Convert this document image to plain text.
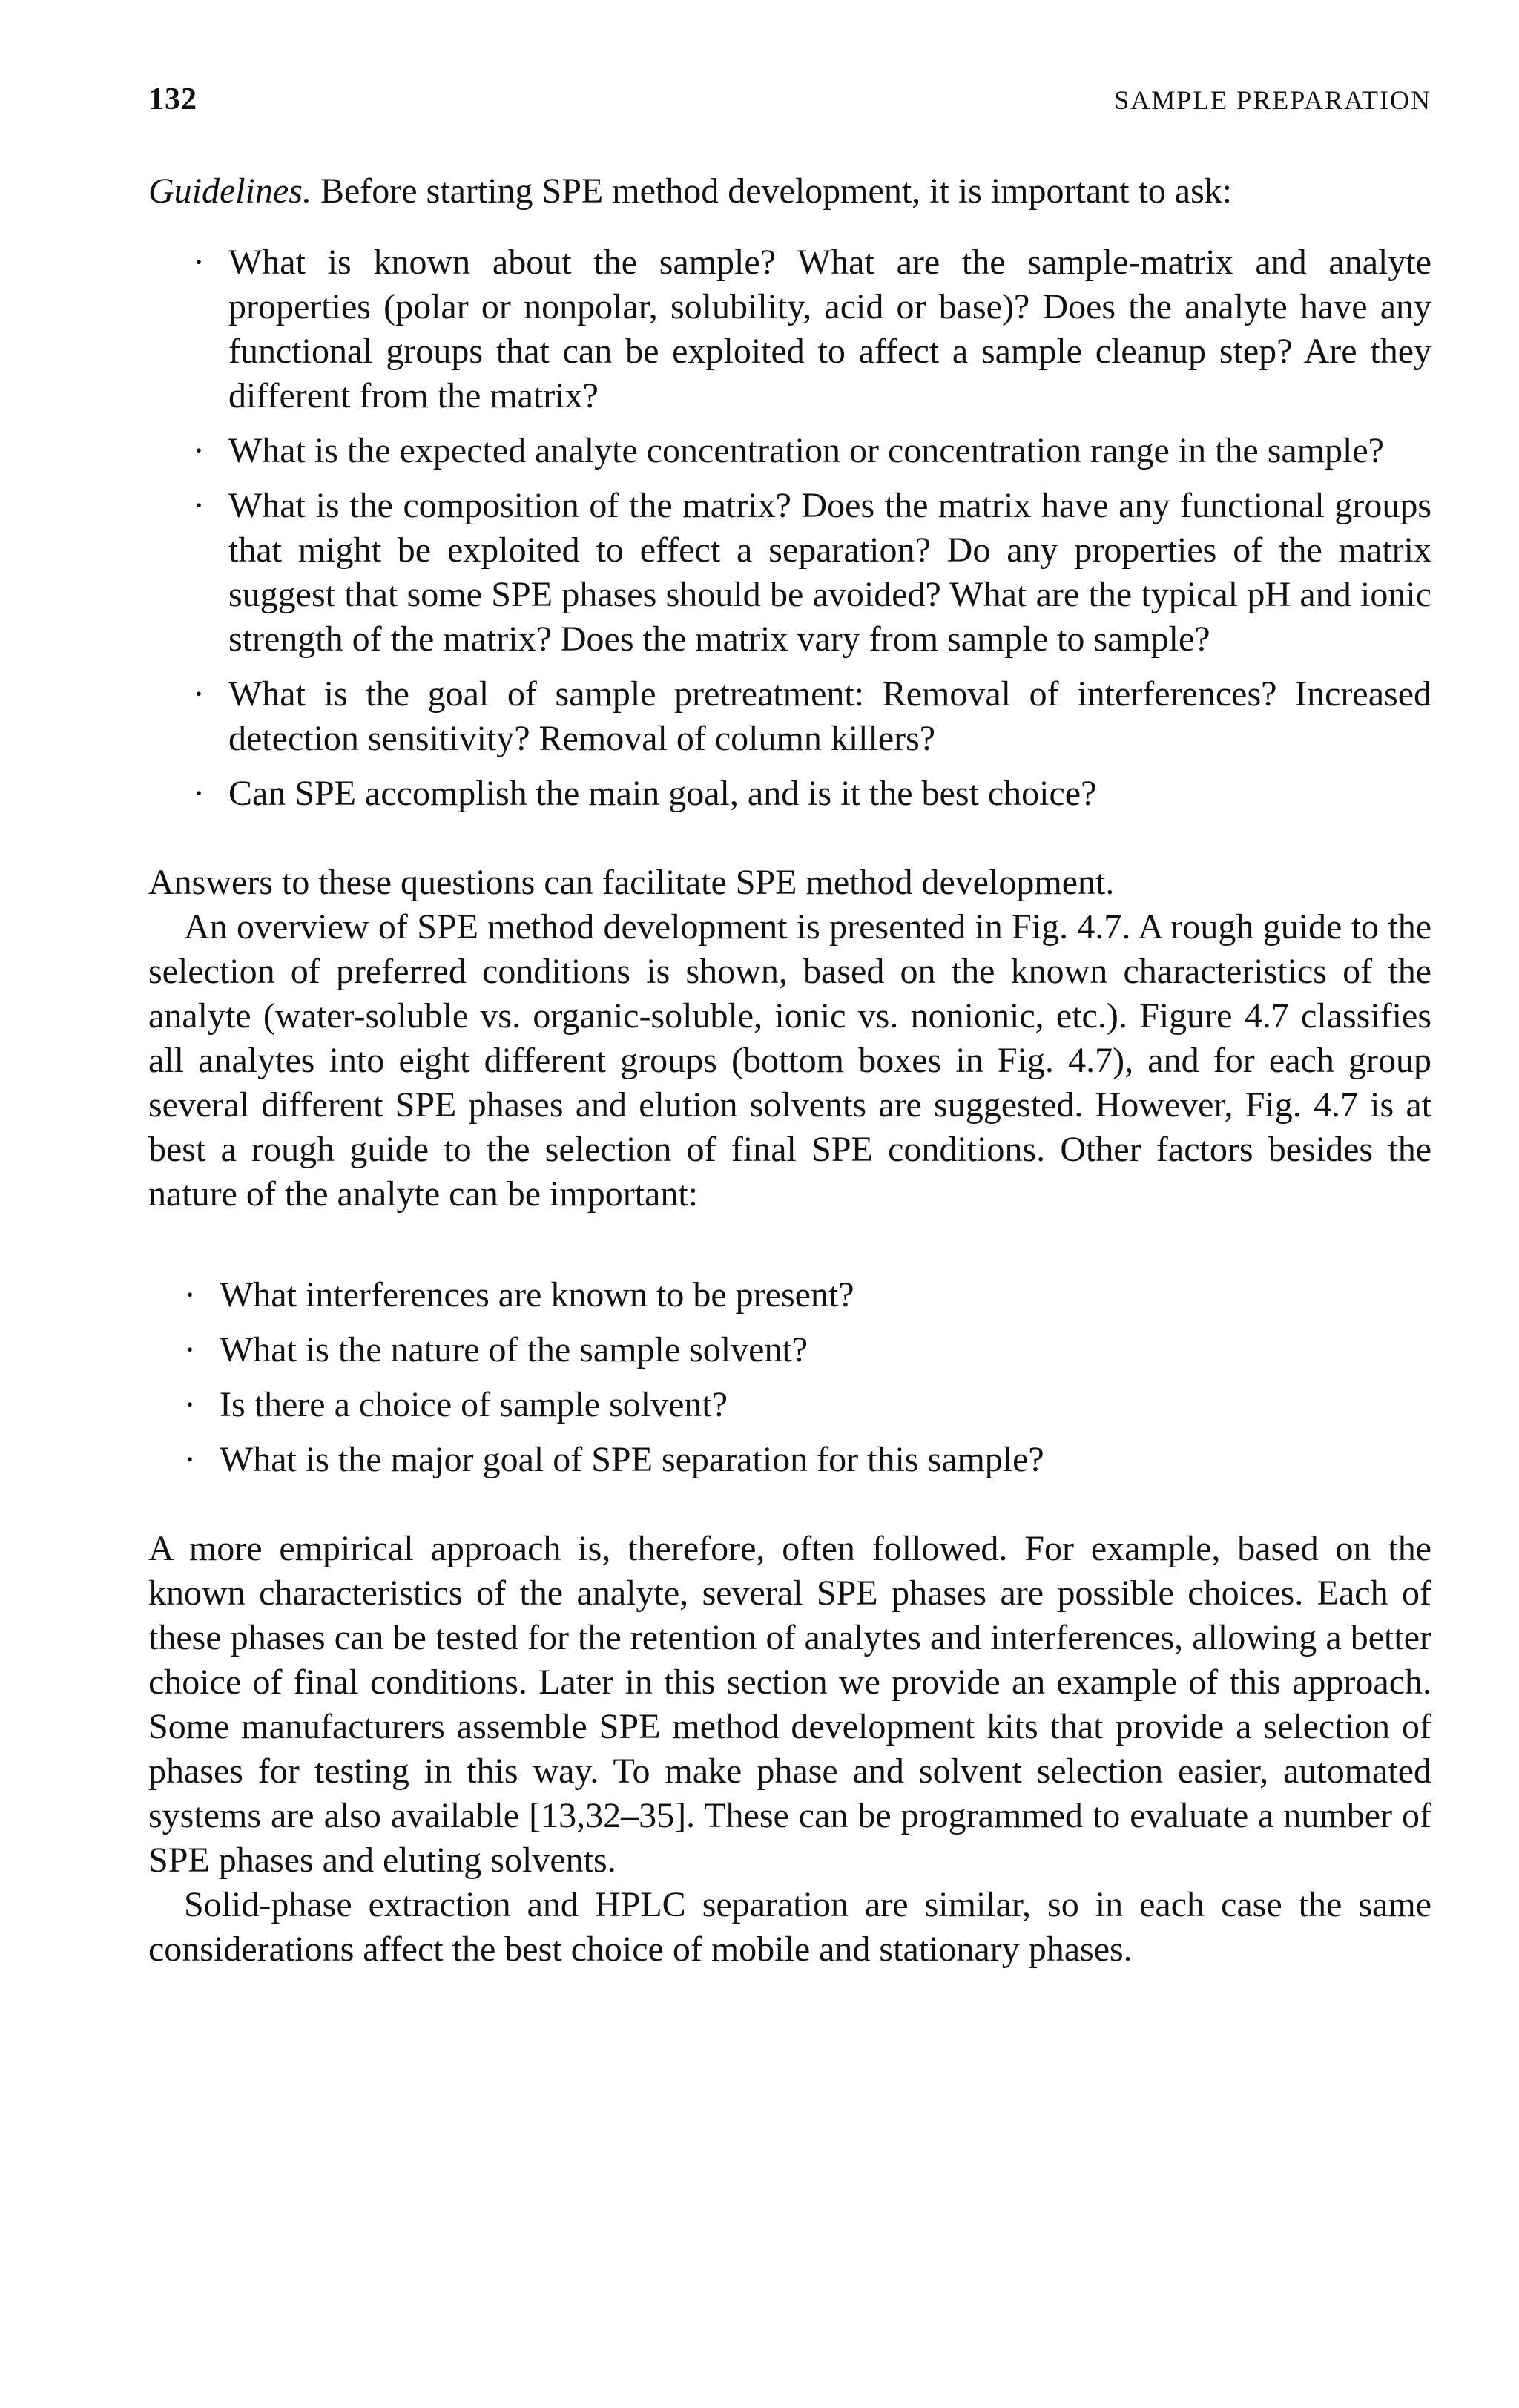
132	SAMPLE PREPARATION

Guidelines. Before starting SPE method development, it is important to ask:

· What is known about the sample? What are the sample-matrix and analyte properties (polar or nonpolar, solubility, acid or base)? Does the analyte have any functional groups that can be exploited to affect a sample cleanup step? Are they different from the matrix?
· What is the expected analyte concentration or concentration range in the sample?
· What is the composition of the matrix? Does the matrix have any functional groups that might be exploited to effect a separation? Do any properties of the matrix suggest that some SPE phases should be avoided? What are the typical pH and ionic strength of the matrix? Does the matrix vary from sample to sample?
· What is the goal of sample pretreatment: Removal of interferences? Increased detection sensitivity? Removal of column killers?
· Can SPE accomplish the main goal, and is it the best choice?

Answers to these questions can facilitate SPE method development.

An overview of SPE method development is presented in Fig. 4.7. A rough guide to the selection of preferred conditions is shown, based on the known characteristics of the analyte (water-soluble vs. organic-soluble, ionic vs. nonionic, etc.). Figure 4.7 classifies all analytes into eight different groups (bottom boxes in Fig. 4.7), and for each group several different SPE phases and elution solvents are suggested. However, Fig. 4.7 is at best a rough guide to the selection of final SPE conditions. Other factors besides the nature of the analyte can be important:

· What interferences are known to be present?
· What is the nature of the sample solvent?
· Is there a choice of sample solvent?
· What is the major goal of SPE separation for this sample?

A more empirical approach is, therefore, often followed. For example, based on the known characteristics of the analyte, several SPE phases are possible choices. Each of these phases can be tested for the retention of analytes and interferences, allowing a better choice of final conditions. Later in this section we provide an example of this approach. Some manufacturers assemble SPE method development kits that provide a selection of phases for testing in this way. To make phase and solvent selection easier, automated systems are also available [13,32–35]. These can be programmed to evaluate a number of SPE phases and eluting solvents.

Solid-phase extraction and HPLC separation are similar, so in each case the same considerations affect the best choice of mobile and stationary phases.
